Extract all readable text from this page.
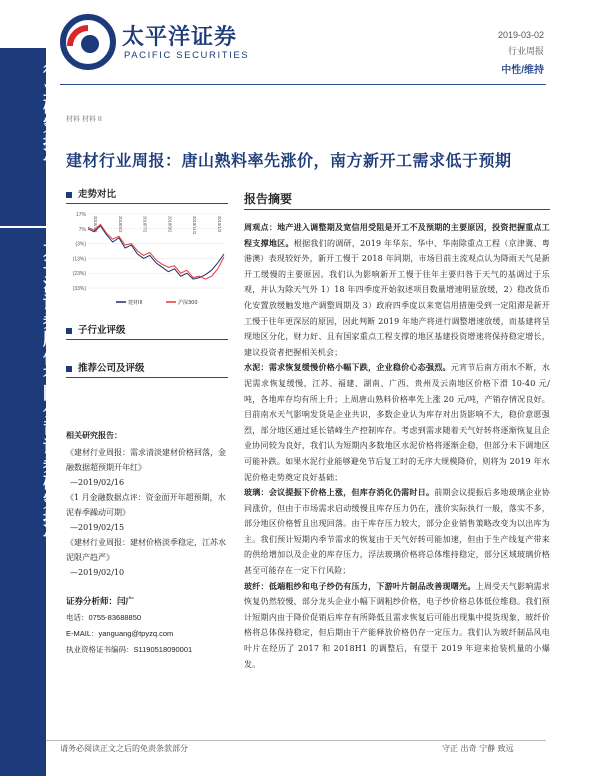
行业研究报告
太平洋证券股份有限公司证券研究报告
太平洋证券
PACIFIC SECURITIES
2019-03-02
行业周报
中性/维持
材料 材料 II
建材行业周报：唐山熟料率先涨价，南方新开工需求低于预期
走势对比
17%
7%
(3%)
(13%)
(23%)
(33%)
2018/3/2	2018/5/2	2018/7/2	2018/9/2	2018/11/2	2019/1/2
建材III	沪深300
子行业评级
推荐公司及评级
相关研究报告：
《建材行业周报：需求清淡建材价格回落，金融数据超预期开年红》
—2019/02/16
《1 月金融数据点评：资金面开年超预期，水泥春季躁动可期》
—2019/02/15
《建材行业周报：建材价格淡季稳定，江苏水泥限产趋严》
—2019/02/10
证券分析师：闫广
电话：0755-83688850
E-MAIL：yanguang@tpyzq.com
执业资格证书编码：S1190518090001
报告摘要

周观点：地产进入调整期及宽信用受阻是开工不及预期的主要原因，投资把握重点工程支撑地区。根据我们的调研，2019 年华东、华中、华南除重点工程（京津冀、粤港澳）表现较好外，新开工慢于 2018 年同期，市场目前主流观点认为降雨天气是新开工缓慢的主要原因。我们认为影响新开工慢于往年主要归咎于天气的基调过于乐观，并认为除天气外 1）18 年四季度开始叙述项目数量增速明显放缓，2）稳改货币化安置放缓触发地产调整周期及 3）政府四季度以来宽信用措施受到一定阻滞是新开工慢于往年更深层的原因，因此判断 2019 年地产将进行调整增速放缓，而基建将呈现地区分化，财力好、且有国家重点工程支撑的地区基建投资增速将保持稳定增长，建议投资者把握相关机会；

水泥：需求恢复缓慢价格小幅下跌，企业稳价心态强烈。元宵节后南方雨水不断，水泥需求恢复缓慢，江苏、福建、湖南、广西、贵州及云南地区价格下滑 10-40 元/吨，各地库存均有所上升；上周唐山熟料价格率先上涨 20 元/吨，产销存情况良好。目前南水天气影响发货是企业共识，多数企业认为库存对出货影响不大，稳价意愿强烈，部分地区通过延长错峰生产控制库存。考虑到需求随着天气好转将逐渐恢复且企业协同较为良好，我们认为短期内多数地区水泥价格将逐渐企稳，但部分未下调地区可能补跌。如果水泥行业能够避免节后复工时的无序大规模降价，则将为 2019 年水泥价格走势奠定良好基础；

玻璃：会议提振下价格上涨，但库存消化仍需时日。前期会议提振后多地玻璃企业协同涨价，但由于市场需求启动缓慢且库存压力仍在，涨价实际执行一般，落实不多，部分地区价格暂且出现回落。由于库存压力较大，部分企业销售策略改变为以出库为主。我们预计短期内季节需求的恢复由于天气好转可能加速，但由于生产线复产带来的供给增加以及企业的库存压力，浮法玻璃价格将总体维持稳定，部分区域玻璃价格甚至可能存在一定下行风险；

玻纤：低端粗纱和电子纱仍有压力，下游叶片制品改善现曙光。上周受天气影响需求恢复仍然较慢，部分龙头企业小幅下调粗纱价格，电子纱价格总体低位维稳。我们预计短期内由于降价促销后库存有所降低且需求恢复后可能出现集中提货现象，玻纤价格将总体保持稳定，但后期由于产能释放价格仍存一定压力。我们认为玻纤制品风电叶片在经历了 2017 和 2018H1 的调整后，有望于 2019 年迎来抢装机量的小爆发。

请务必阅读正文之后的免责条款部分	守正 出奇 宁静 致远
